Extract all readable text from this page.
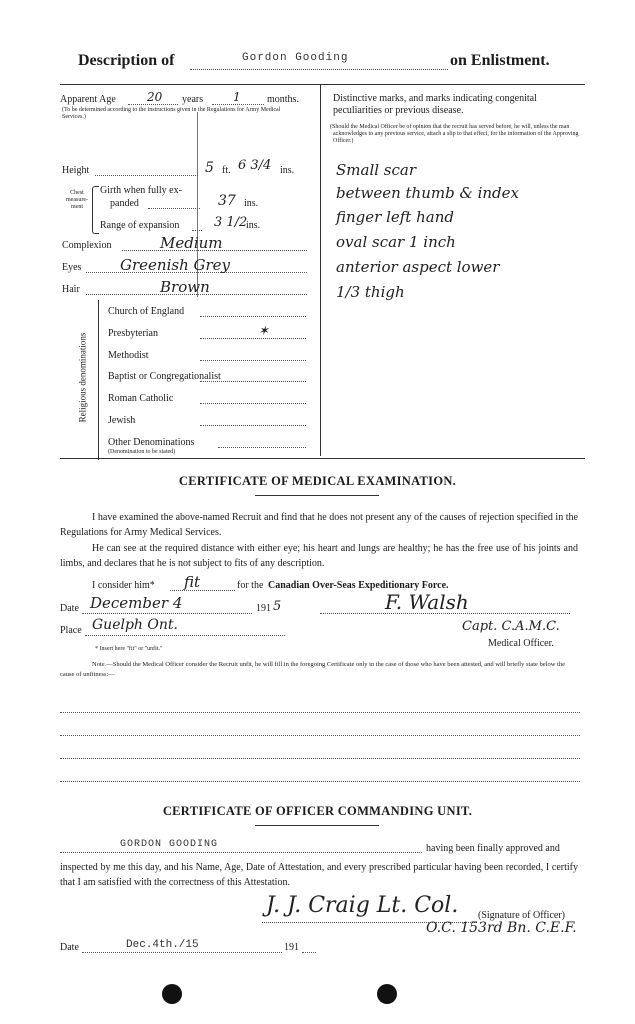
Description of	Gordon Gooding	on Enlistment.
Apparent Age	20 years 1	months.
(To be determined according to the instructions given in the Regulations for Army Medical Services.)
Height	5 ft. 6 3/4 ins.
Chest measure-ment
Girth when fully ex-
panded	37 ins.
Range of expansion	3 1/2
ins.
Complexion	Medium
Eyes	Greenish Grey
Hair	Brown
Religious denominations
Church of England
Presbyterian	✶
Methodist
Baptist or Congregationalist
Roman Catholic
Jewish
Other Denominations
(Denomination to be stated)
Distinctive marks, and marks indicating congenital peculiarities or previous disease.
(Should the Medical Officer be of opinion that the recruit has served before, he will, unless the man acknowledges to any previous service, attach a slip to that effect, for the information of the Approving Officer.)
Small scar
between thumb & index
finger left hand
oval scar 1 inch
anterior aspect lower
1/3 thigh
CERTIFICATE OF MEDICAL EXAMINATION.
I have examined the above-named Recruit and find that he does not present any of the causes of rejection specified in the Regulations for Army Medical Services.
He can see at the required distance with either eye; his heart and lungs are healthy; he has the free use of his joints and limbs, and declares that he is not subject to fits of any description.
I consider him* fit	for the Canadian Over-Seas Expeditionary Force.
Date December 4	191 5	F. Walsh
Place Guelph Ont.	Capt. C.A.M.C.
Medical Officer.
* Insert here "fit" or "unfit."
Note.—Should the Medical Officer consider the Recruit unfit, he will fill in the foregoing Certificate only in the case of those who have been attested, and will briefly state below the cause of unfitness:—
CERTIFICATE OF OFFICER COMMANDING UNIT.
GORDON GOODING	having been finally approved and
inspected by me this day, and his Name, Age, Date of Attestation, and every prescribed particular having been recorded, I certify that I am satisfied with the correctness of this Attestation.
J. J. Craig Lt. Col. (Signature of Officer)
O.C. 153rd Bn. C.E.F.
Date	Dec.4th./15	191
